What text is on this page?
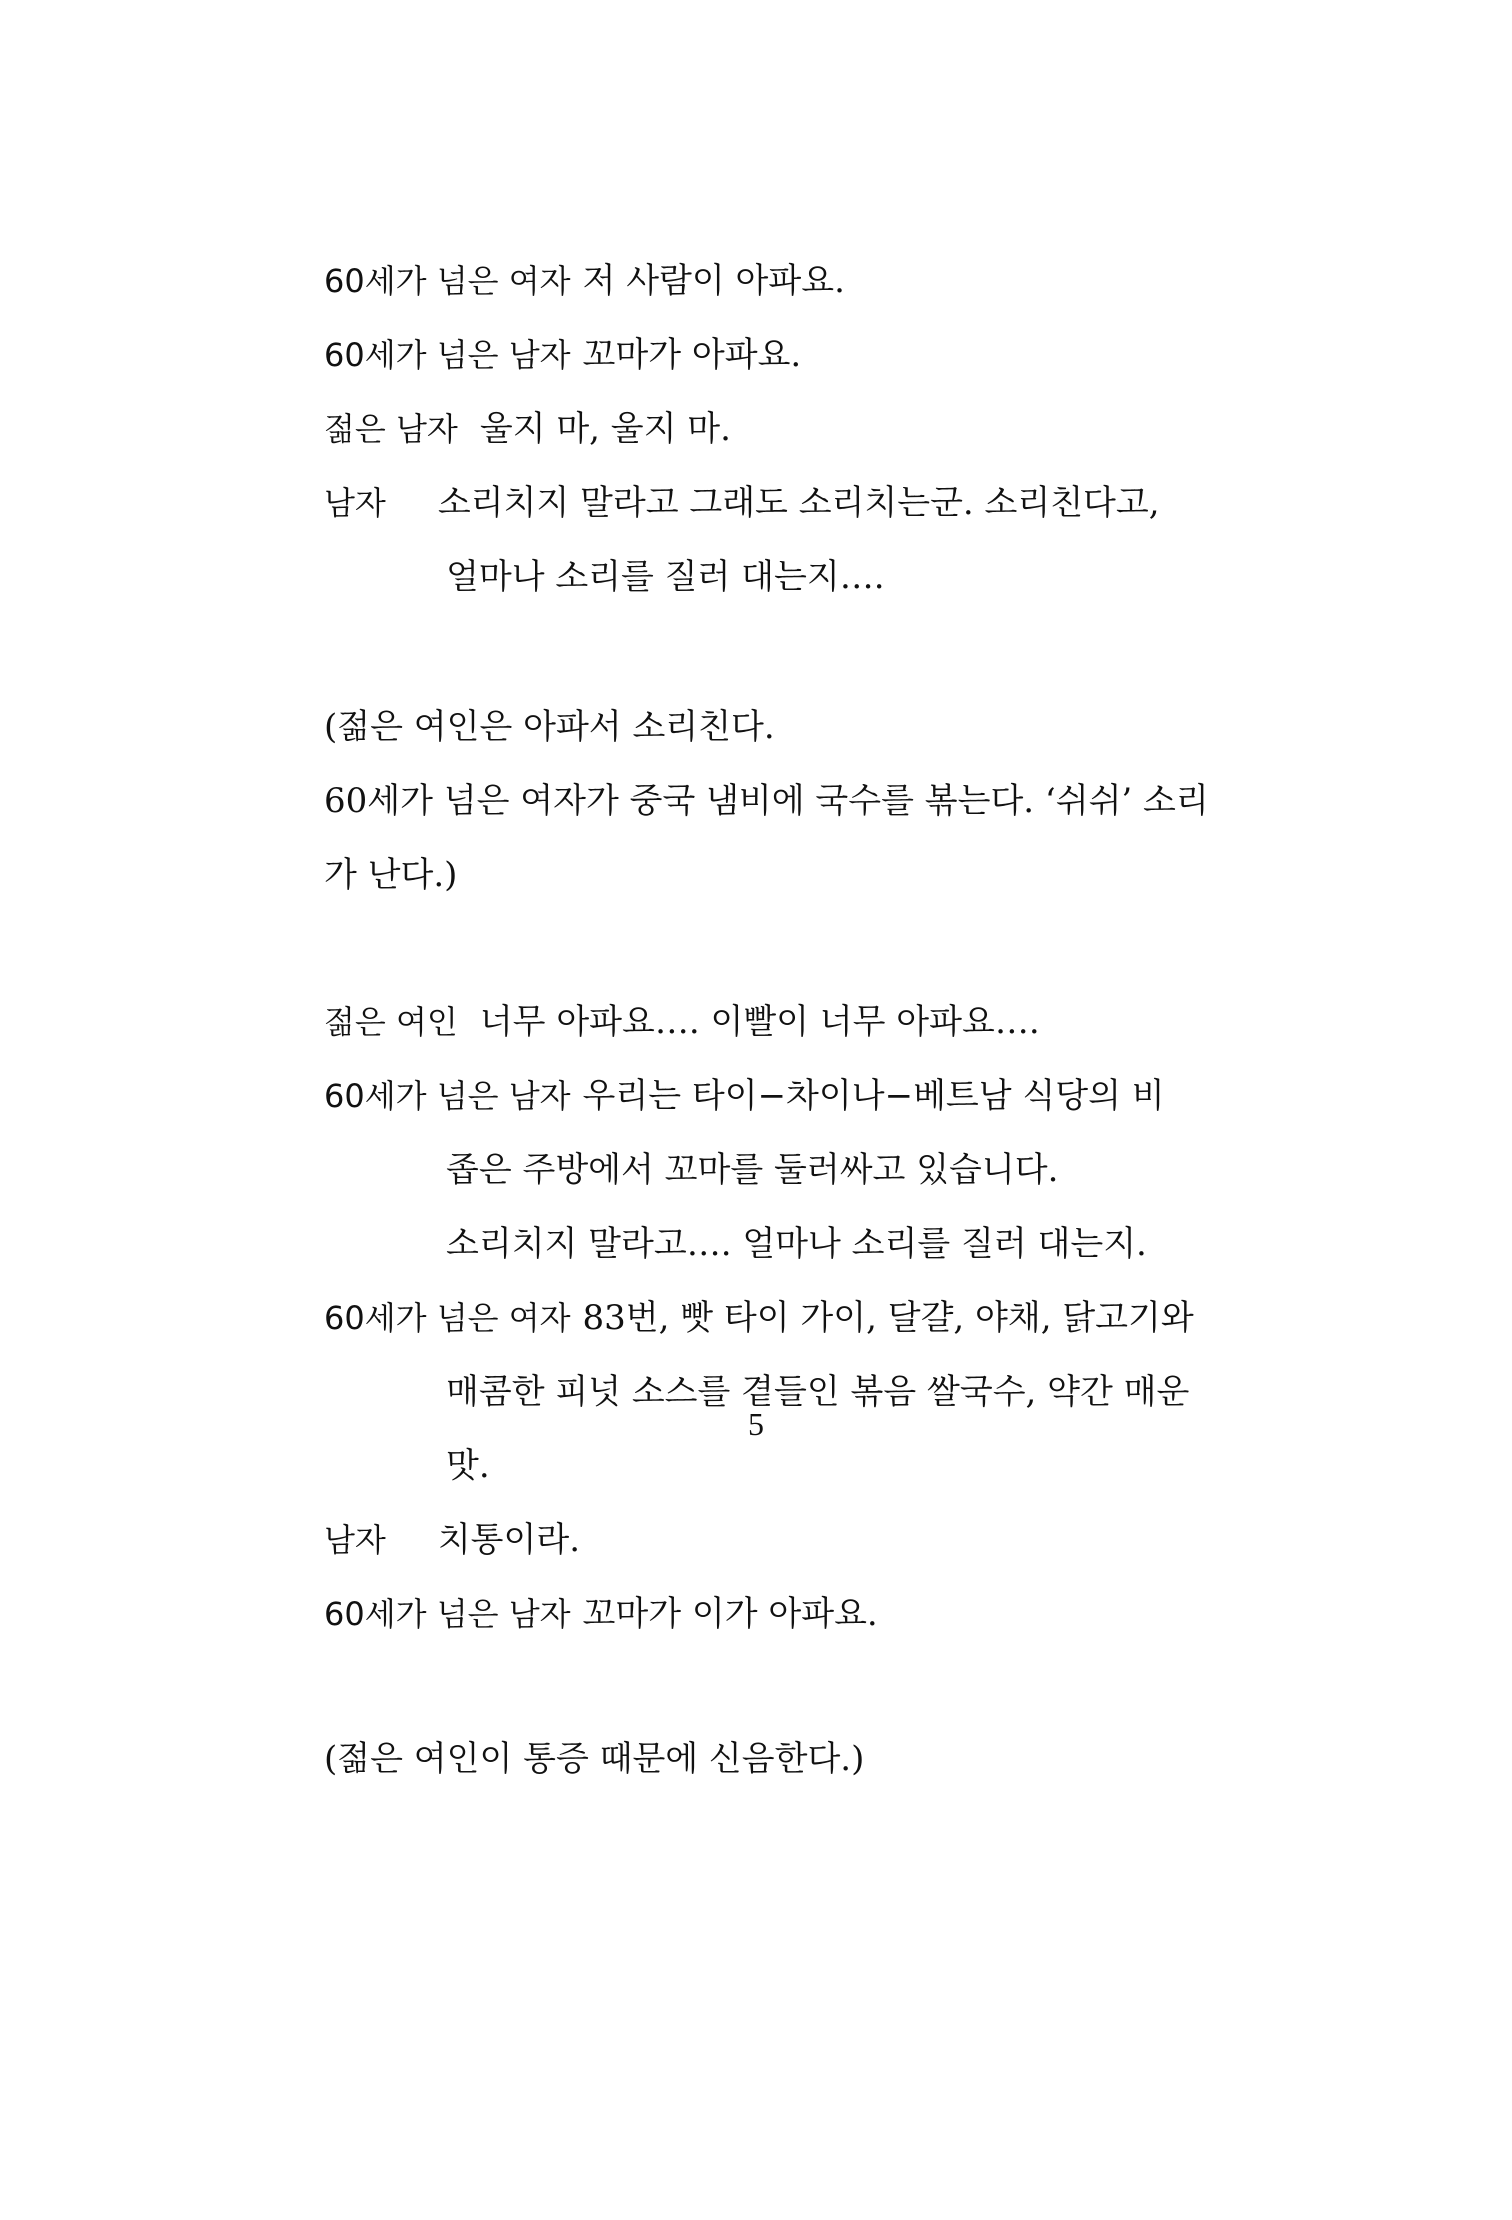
60세가 넘은 여자 저 사람이 아파요.
60세가 넘은 남자 꼬마가 아파요.
젊은 남자 울지 마, 울지 마.
남자 소리치지 말라고 그래도 소리치는군. 소리친다고,
얼마나 소리를 질러 대는지….
(젊은 여인은 아파서 소리친다.
60세가 넘은 여자가 중국 냄비에 국수를 볶는다. ‘쉬쉬’ 소리
가 난다.)
젊은 여인 너무 아파요…. 이빨이 너무 아파요….
60세가 넘은 남자 우리는 타이−차이나−베트남 식당의 비
좁은 주방에서 꼬마를 둘러싸고 있습니다.
소리치지 말라고…. 얼마나 소리를 질러 대는지.
60세가 넘은 여자 83번, 빳 타이 가이, 달걀, 야채, 닭고기와
매콤한 피넛 소스를 곁들인 볶음 쌀국수, 약간 매운
맛.
남자 치통이라.
60세가 넘은 남자 꼬마가 이가 아파요.
(젊은 여인이 통증 때문에 신음한다.)
5
